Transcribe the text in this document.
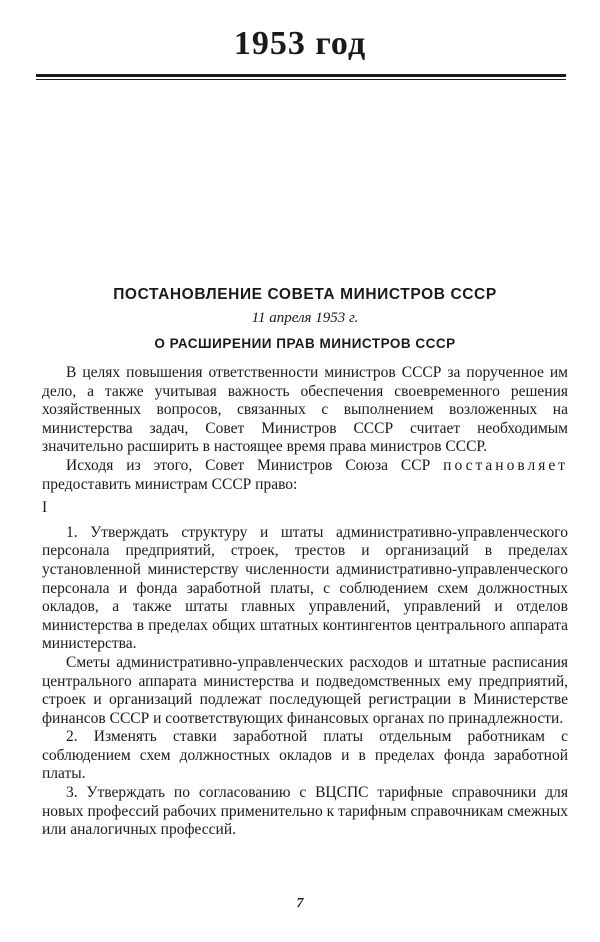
1953 год
ПОСТАНОВЛЕНИЕ СОВЕТА МИНИСТРОВ СССР
11 апреля 1953 г.
О РАСШИРЕНИИ ПРАВ МИНИСТРОВ СССР

В целях повышения ответственности министров СССР за порученное им дело, а также учитывая важность обеспечения своевременного решения хозяйственных вопросов, связанных с выполнением возложенных на министерства задач, Совет Министров СССР считает необходимым значительно расширить в настоящее время права министров СССР.

Исходя из этого, Совет Министров Союза ССР постановляет предоставить министрам СССР право:

I

1. Утверждать структуру и штаты административно-управленческого персонала предприятий, строек, трестов и организаций в пределах установленной министерству численности административно-управленческого персонала и фонда заработной платы, с соблюдением схем должностных окладов, а также штаты главных управлений, управлений и отделов министерства в пределах общих штатных контингентов центрального аппарата министерства.

Сметы административно-управленческих расходов и штатные расписания центрального аппарата министерства и подведомственных ему предприятий, строек и организаций подлежат последующей регистрации в Министерстве финансов СССР и соответствующих финансовых органах по принадлежности.

2. Изменять ставки заработной платы отдельным работникам с соблюдением схем должностных окладов и в пределах фонда заработной платы.

3. Утверждать по согласованию с ВЦСПС тарифные справочники для новых профессий рабочих применительно к тарифным справочникам смежных или аналогичных профессий.

7
